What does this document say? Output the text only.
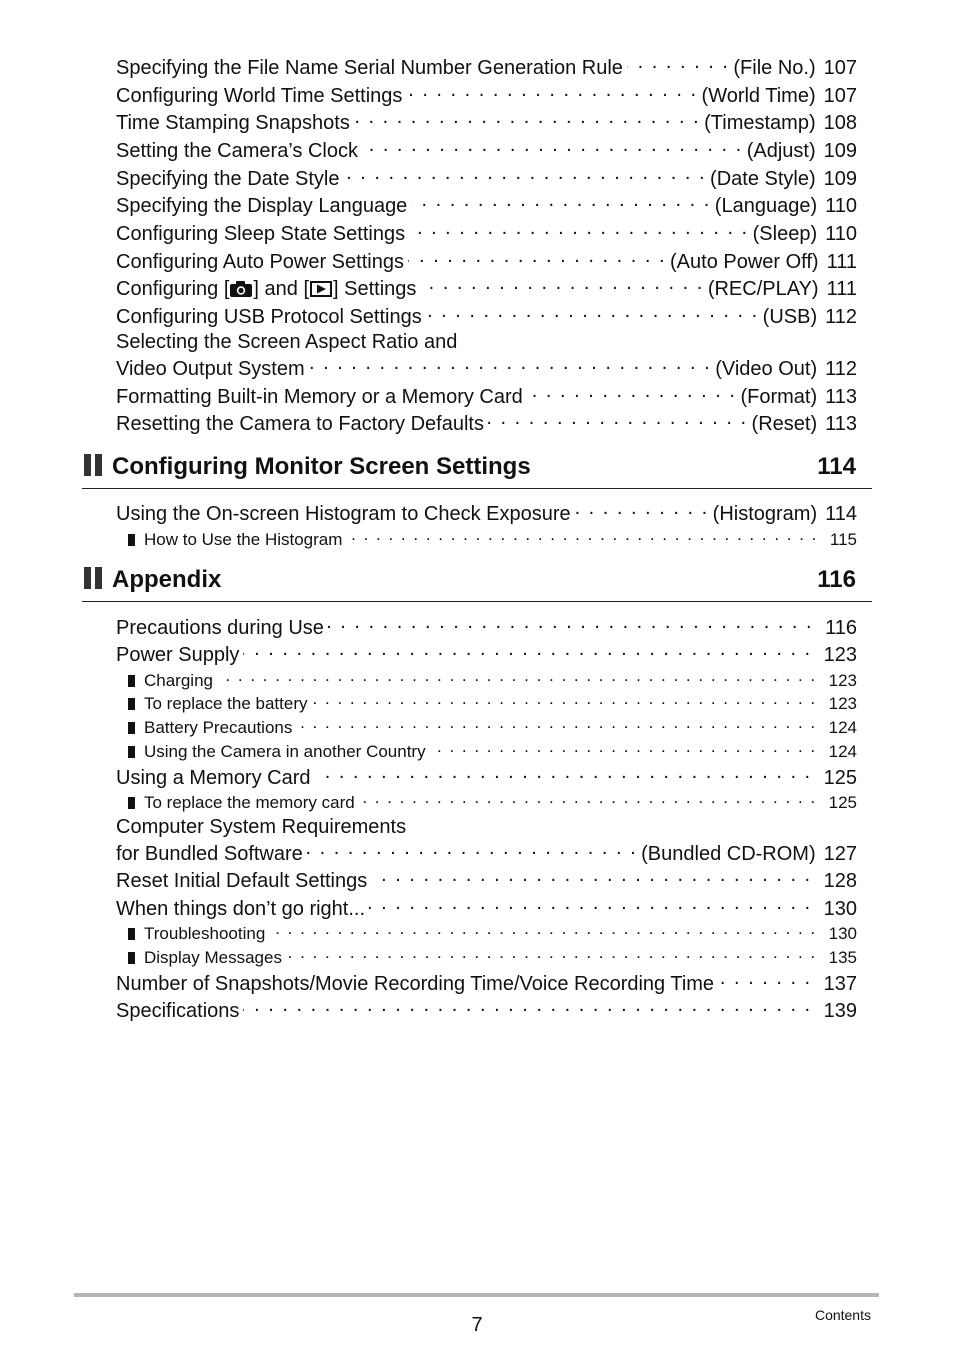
Specifying the File Name Serial Number Generation Rule . . .	(File No.) 107
Configuring World Time Settings . . .	(World Time) 107
Time Stamping Snapshots . . .	(Timestamp) 108
Setting the Camera’s Clock . . .	(Adjust) 109
Specifying the Date Style . . .	(Date Style) 109
Specifying the Display Language . . .	(Language) 110
Configuring Sleep State Settings . . .	(Sleep) 110
Configuring Auto Power Settings . . .	(Auto Power Off) 111
Configuring [ ] and [ ] Settings . . .	(REC/PLAY) 111
Configuring USB Protocol Settings . . .	(USB) 112
Selecting the Screen Aspect Ratio and
Video Output System . . .	(Video Out) 112
Formatting Built-in Memory or a Memory Card . . .	(Format) 113
Resetting the Camera to Factory Defaults . . .	(Reset) 113
Configuring Monitor Screen Settings	114
Using the On-screen Histogram to Check Exposure . . .	(Histogram) 114
How to Use the Histogram . . .	115
Appendix	116
Precautions during Use . . .	116
Power Supply . . .	123
Charging . . .	123
To replace the battery . . .	123
Battery Precautions . . .	124
Using the Camera in another Country . . .	124
Using a Memory Card . . .	125
To replace the memory card . . .	125
Computer System Requirements
for Bundled Software . . .	(Bundled CD-ROM) 127
Reset Initial Default Settings . . .	128
When things don’t go right... . . .	130
Troubleshooting . . .	130
Display Messages . . .	135
Number of Snapshots/Movie Recording Time/Voice Recording Time . . .	137
Specifications . . .	139
7	Contents
